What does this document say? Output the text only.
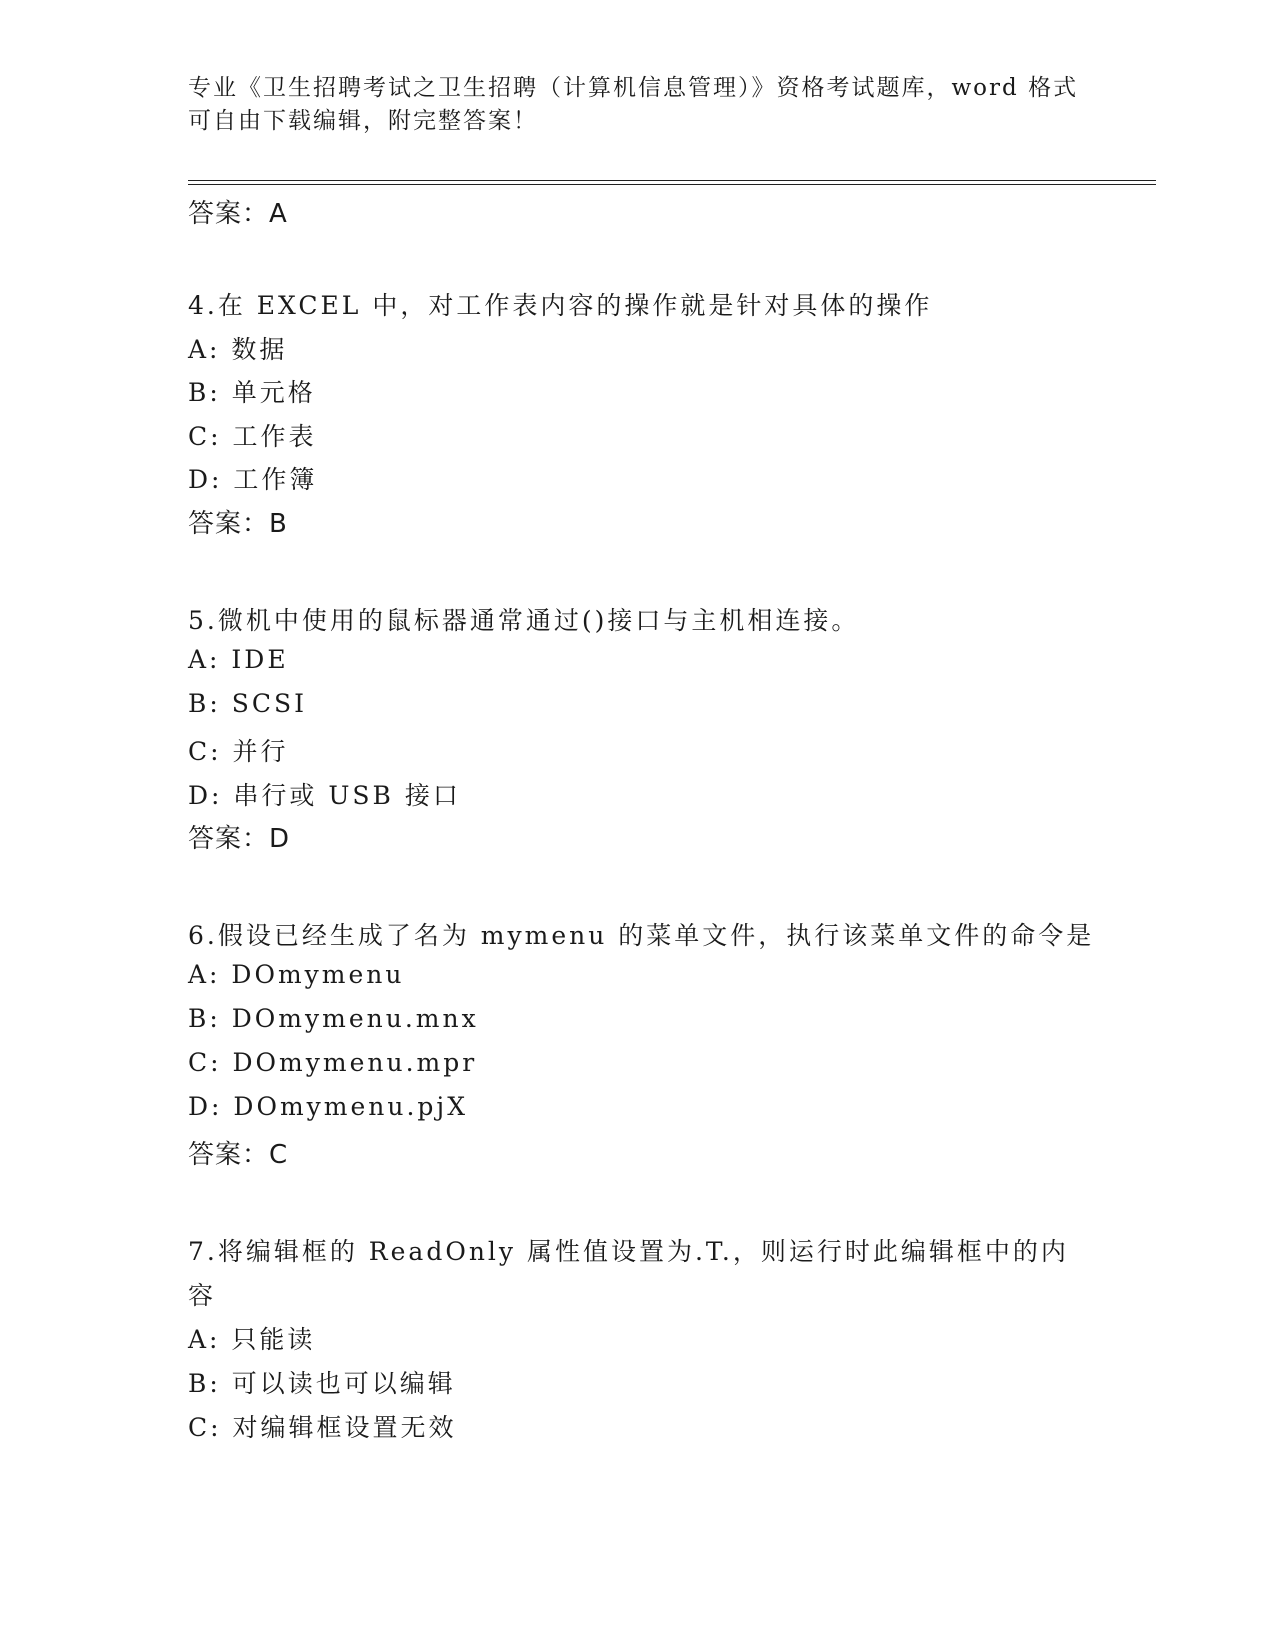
专业《卫生招聘考试之卫生招聘（计算机信息管理）》资格考试题库，word 格式
可自由下载编辑，附完整答案！
答案：A
4.在 EXCEL 中，对工作表内容的操作就是针对具体的操作
A: 数据
B: 单元格
C: 工作表
D: 工作簿
答案：B
5.微机中使用的鼠标器通常通过()接口与主机相连接。
A: IDE
B: SCSI
C: 并行
D: 串行或 USB 接口
答案：D
6.假设已经生成了名为 mymenu 的菜单文件，执行该菜单文件的命令是
A: DOmymenu
B: DOmymenu.mnx
C: DOmymenu.mpr
D: DOmymenu.pjX
答案：C
7.将编辑框的 ReadOnly 属性值设置为.T.，则运行时此编辑框中的内
容
A: 只能读
B: 可以读也可以编辑
C: 对编辑框设置无效
